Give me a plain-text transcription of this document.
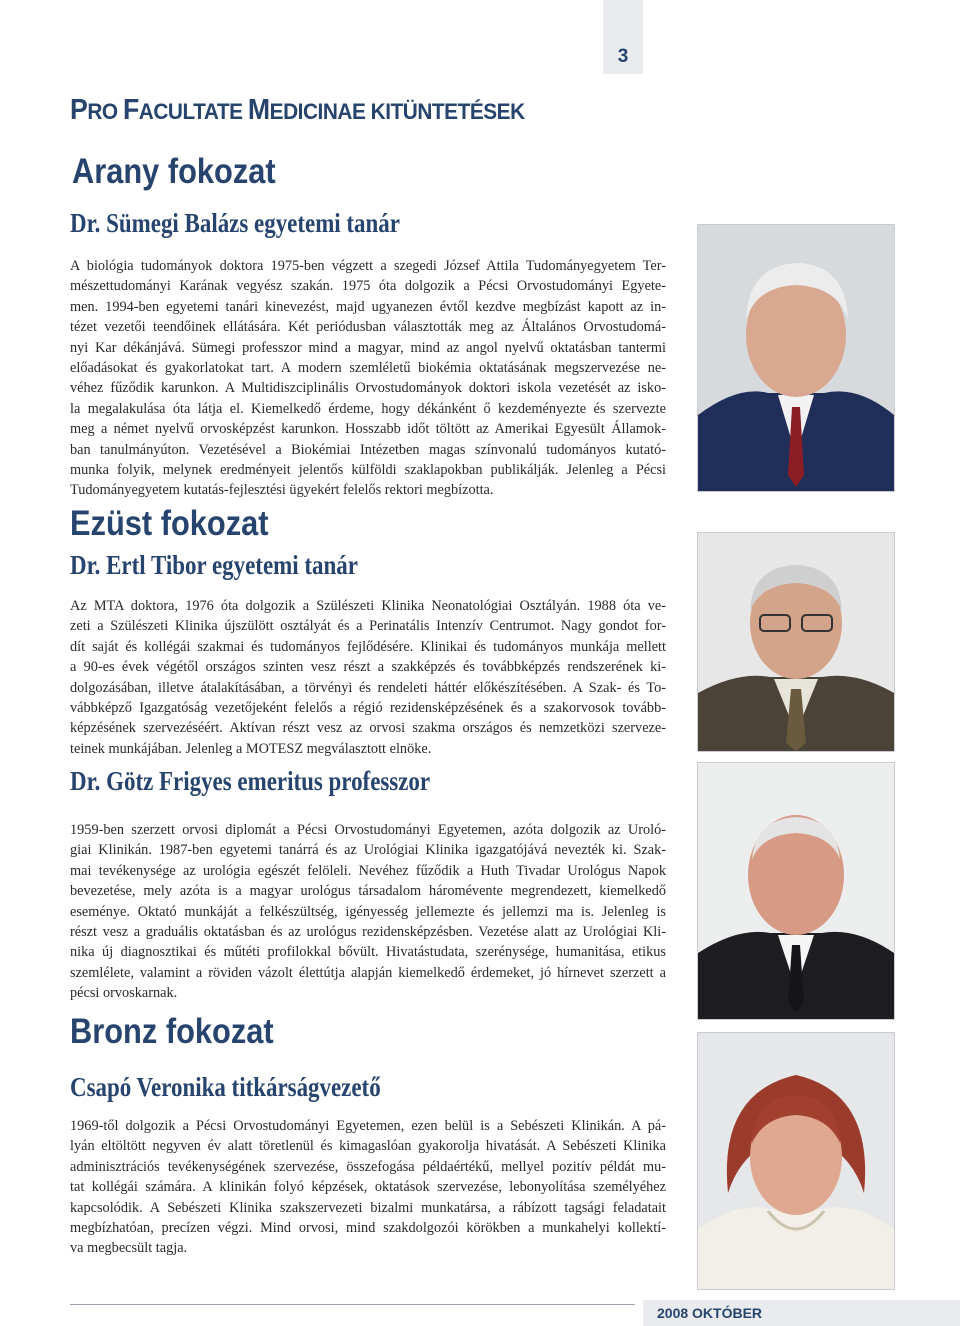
3
PRO FACULTATE MEDICINAE KITÜNTETÉSEK
Arany fokozat
Dr. Sümegi Balázs egyetemi tanár

A biológia tudományok doktora 1975-ben végzett a szegedi József Attila Tudományegyetem Ter-
mészettudományi Karának vegyész szakán. 1975 óta dolgozik a Pécsi Orvostudományi Egyete-
men. 1994-ben egyetemi tanári kinevezést, majd ugyanezen évtől kezdve megbízást kapott az in-
tézet vezetői teendőinek ellátására. Két periódusban választották meg az Általános Orvostudomá-
nyi Kar dékánjává. Sümegi professzor mind a magyar, mind az angol nyelvű oktatásban tantermi
előadásokat és gyakorlatokat tart. A modern szemléletű biokémia oktatásának megszervezése ne-
véhez fűződik karunkon. A Multidiszciplinális Orvostudományok doktori iskola vezetését az isko-
la megalakulása óta látja el. Kiemelkedő érdeme, hogy dékánként ő kezdeményezte és szervezte
meg a német nyelvű orvosképzést karunkon. Hosszabb időt töltött az Amerikai Egyesült Államok-
ban tanulmányúton. Vezetésével a Biokémiai Intézetben magas színvonalú tudományos kutató-
munka folyik, melynek eredményeit jelentős külföldi szaklapokban publikálják. Jelenleg a Pécsi
Tudományegyetem kutatás-fejlesztési ügyekért felelős rektori megbízotta.

Ezüst fokozat
Dr. Ertl Tibor egyetemi tanár

Az MTA doktora, 1976 óta dolgozik a Szülészeti Klinika Neonatológiai Osztályán. 1988 óta ve-
zeti a Szülészeti Klinika újszülött osztályát és a Perinatális Intenzív Centrumot. Nagy gondot for-
dít saját és kollégái szakmai és tudományos fejlődésére. Klinikai és tudományos munkája mellett
a 90-es évek végétől országos szinten vesz részt a szakképzés és továbbképzés rendszerének ki-
dolgozásában, illetve átalakításában, a törvényi és rendeleti háttér előkészítésében. A Szak- és To-
vábbképző Igazgatóság vezetőjeként felelős a régió rezidensképzésének és a szakorvosok tovább-
képzésének szervezéséért. Aktívan részt vesz az orvosi szakma országos és nemzetközi szerveze-
teinek munkájában. Jelenleg a MOTESZ megválasztott elnöke.

Dr. Götz Frigyes emeritus professzor

1959-ben szerzett orvosi diplomát a Pécsi Orvostudományi Egyetemen, azóta dolgozik az Uroló-
giai Klinikán. 1987-ben egyetemi tanárrá és az Urológiai Klinika igazgatójává nevezték ki. Szak-
mai tevékenysége az urológia egészét felöleli. Nevéhez fűződik a Huth Tivadar Urológus Napok
bevezetése, mely azóta is a magyar urológus társadalom háromévente megrendezett, kiemelkedő
eseménye. Oktató munkáját a felkészültség, igényesség jellemezte és jellemzi ma is. Jelenleg is
részt vesz a graduális oktatásban és az urológus rezidensképzésben. Vezetése alatt az Urológiai Kli-
nika új diagnosztikai és műtéti profilokkal bővült. Hivatástudata, szerénysége, humanitása, etikus
szemlélete, valamint a röviden vázolt élettútja alapján kiemelkedő érdemeket, jó hírnevet szerzett a
pécsi orvoskarnak.

Bronz fokozat
Csapó Veronika titkárságvezető

1969-től dolgozik a Pécsi Orvostudományi Egyetemen, ezen belül is a Sebészeti Klinikán. A pá-
lyán eltöltött negyven év alatt töretlenül és kimagaslóan gyakorolja hivatását. A Sebészeti Klinika
adminisztrációs tevékenységének szervezése, összefogása példaértékű, mellyel pozitív példát mu-
tat kollégái számára. A klinikán folyó képzések, oktatások szervezése, lebonyolítása személyéhez
kapcsolódik. A Sebészeti Klinika szakszervezeti bizalmi munkatársa, a rábízott tagsági feladatait
megbízhatóan, precízen végzi. Mind orvosi, mind szakdolgozói körökben a munkahelyi kollektí-
va megbecsült tagja.

2008 OKTÓBER
